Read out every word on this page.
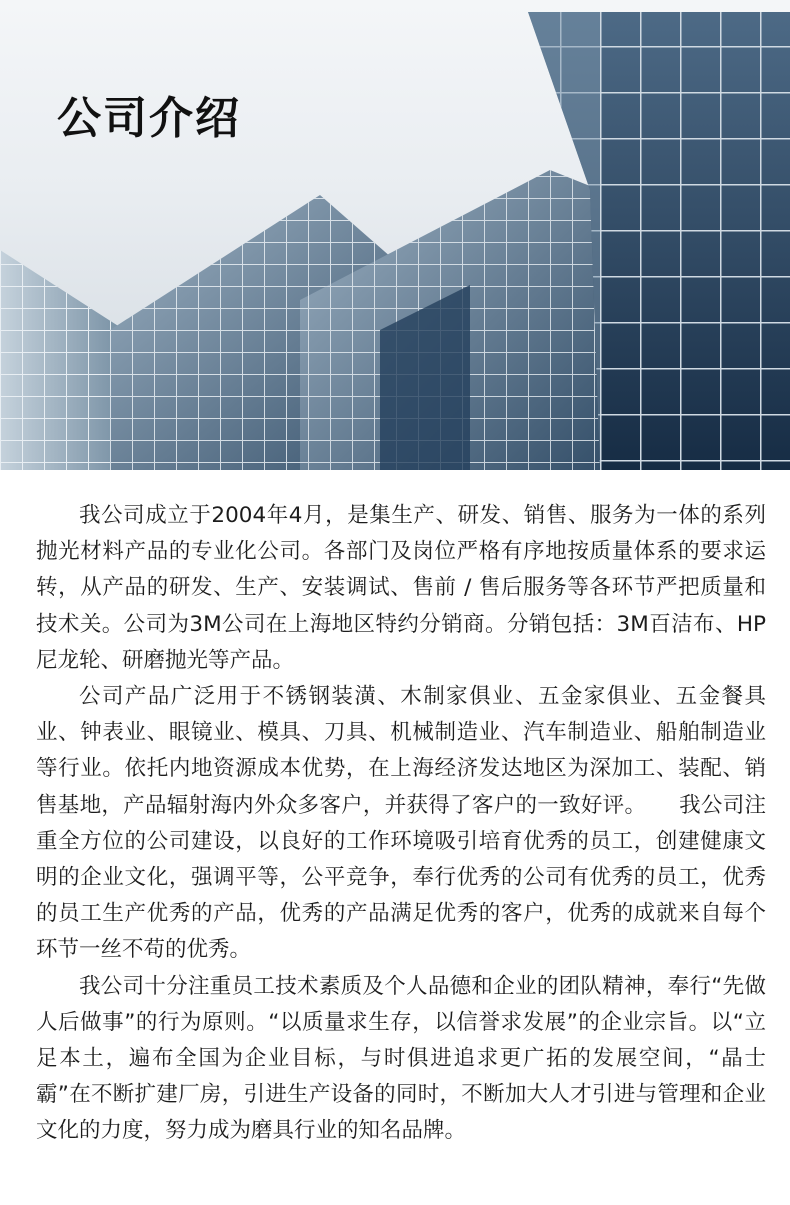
公司介绍

我公司成立于2004年4月，是集生产、研发、销售、服务为一体的系列抛光材料产品的专业化公司。各部门及岗位严格有序地按质量体系的要求运转，从产品的研发、生产、安装调试、售前 / 售后服务等各环节严把质量和技术关。公司为3M公司在上海地区特约分销商。分销包括：3M百洁布、HP尼龙轮、研磨抛光等产品。

公司产品广泛用于不锈钢装潢、木制家俱业、五金家俱业、五金餐具业、钟表业、眼镜业、模具、刀具、机械制造业、汽车制造业、船舶制造业等行业。依托内地资源成本优势，在上海经济发达地区为深加工、装配、销售基地，产品辐射海内外众多客户，并获得了客户的一致好评。　　我公司注重全方位的公司建设，以良好的工作环境吸引培育优秀的员工，创建健康文明的企业文化，强调平等，公平竞争，奉行优秀的公司有优秀的员工，优秀的员工生产优秀的产品，优秀的产品满足优秀的客户，优秀的成就来自每个环节一丝不苟的优秀。

我公司十分注重员工技术素质及个人品德和企业的团队精神，奉行“先做人后做事”的行为原则。“以质量求生存，以信誉求发展”的企业宗旨。以“立足本土，遍布全国为企业目标，与时俱进追求更广拓的发展空间，“晶士霸”在不断扩建厂房，引进生产设备的同时，不断加大人才引进与管理和企业文化的力度，努力成为磨具行业的知名品牌。
